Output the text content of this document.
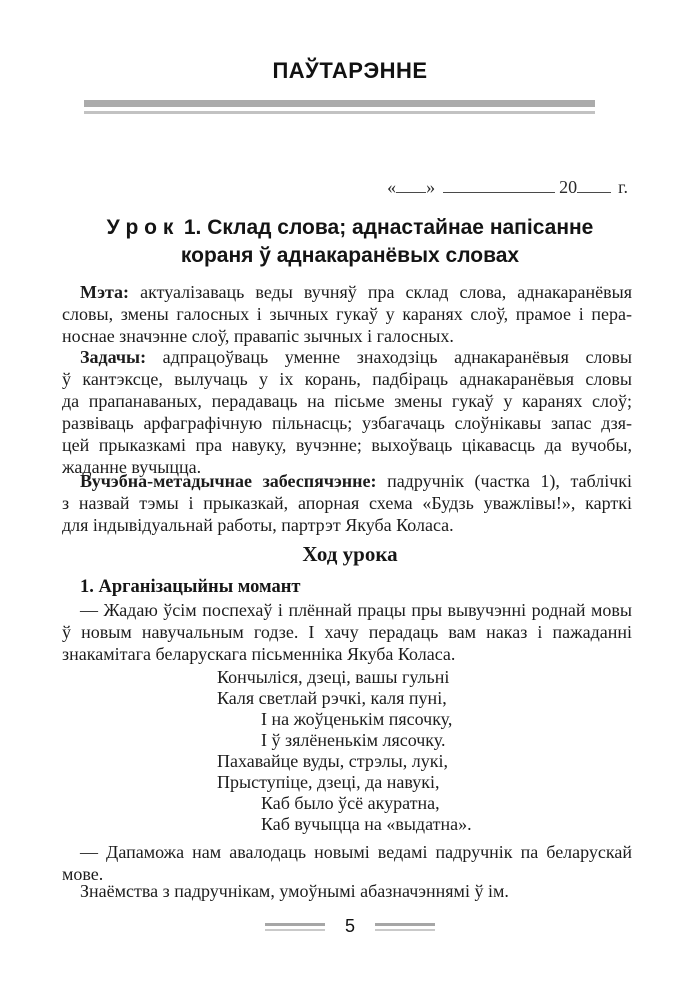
ПАЎТАРЭННЕ
« »	20 г.
У р о к 1. Склад слова; аднастайнае напісанне
кораня ў аднакаранёвых словах
Мэта: актуалізаваць веды вучняў пра склад слова, аднакаранёвыя
словы, змены галосных і зычных гукаў у каранях слоў, прамое і пера-
носнае значэнне слоў, правапіс зычных і галосных.
Задачы: адпрацоўваць уменне знаходзіць аднакаранёвыя словы
ў кантэксце, вылучаць у іх корань, падбіраць аднакаранёвыя словы
да прапанаваных, перадаваць на пісьме змены гукаў у каранях слоў;
развіваць арфаграфічную пільнасць; узбагачаць слоўнікавы запас дзя-
цей прыказкамі пра навуку, вучэнне; выхоўваць цікавасць да вучобы,
жаданне вучыцца.
Вучэбна-метадычнае забеспячэнне: падручнік (частка 1), таблічкі
з назвай тэмы і прыказкай, апорная схема «Будзь уважлівы!», карткі
для індывідуальнай работы, партрэт Якуба Коласа.
Ход урока
1. Арганізацыйны момант
— Жадаю ўсім поспехаў і плённай працы пры вывучэнні роднай мовы
ў новым навучальным годзе. І хачу перадаць вам наказ і пажаданні
знакамітага беларускага пісьменніка Якуба Коласа.
Кончыліся, дзеці, вашы гульні
Каля светлай рэчкі, каля пуні,
І на жоўценькім пясочку,
І ў зялёненькім лясочку.
Пахавайце вуды, стрэлы, лукі,
Прыступіце, дзеці, да навукі,
Каб было ўсё акуратна,
Каб вучыцца на «выдатна».
— Дапаможа нам авалодаць новымі ведамі падручнік па беларускай
мове.
Знаёмства з падручнікам, умоўнымі абазначэннямі ў ім.
5
